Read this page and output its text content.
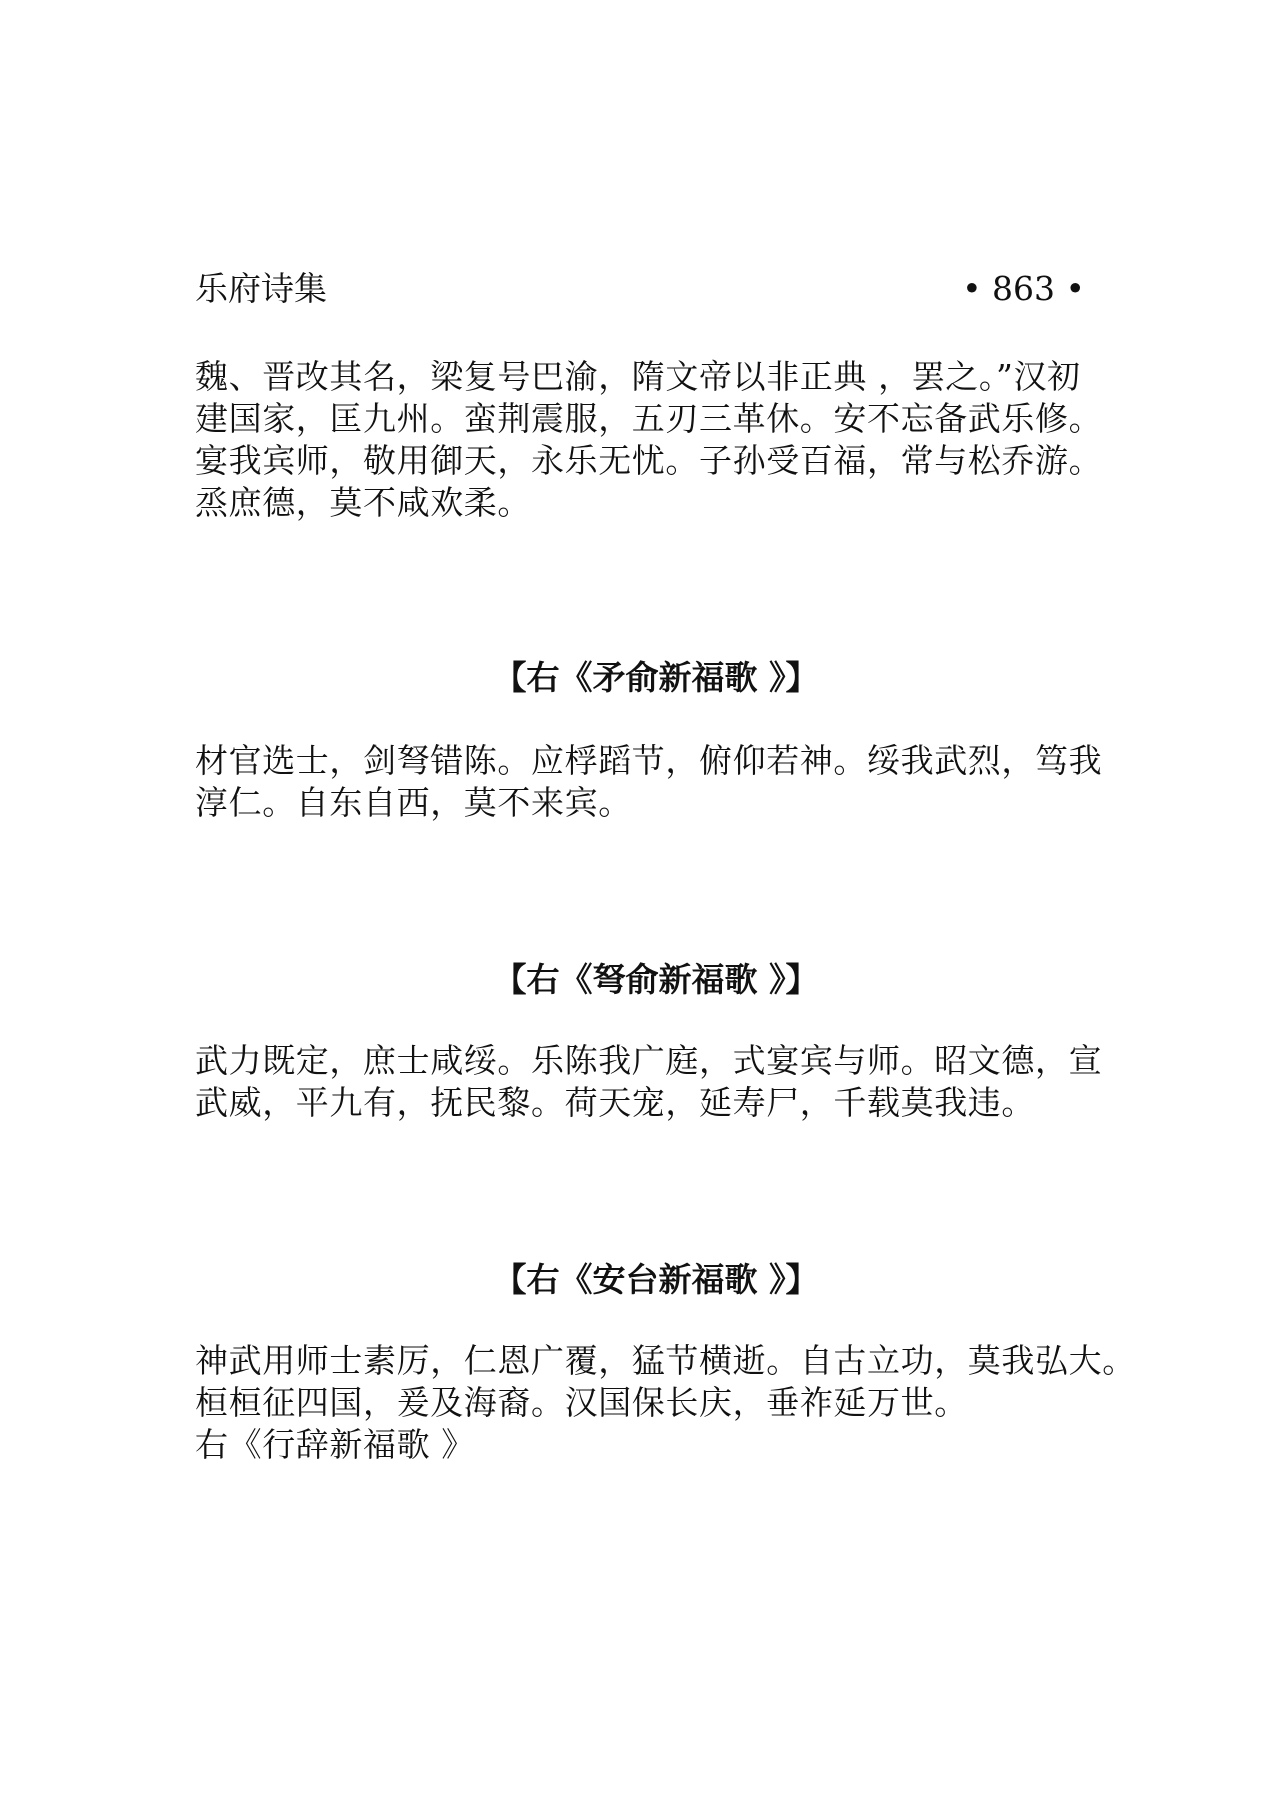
乐府诗集	• 863 •

魏、晋改其名，梁复号巴渝，隋文帝以非正典 ，罢之。”汉初
建国家，匡九州。蛮荆震服，五刃三革休。安不忘备武乐修。
宴我宾师，敬用御天，永乐无忧。子孙受百福，常与松乔游。
烝庶德，莫不咸欢柔。

【右《矛俞新福歌 》】

材官选士，剑弩错陈。应桴蹈节，俯仰若神。绥我武烈，笃我
淳仁。自东自西，莫不来宾。

【右《弩俞新福歌 》】

武力既定，庶士咸绥。乐陈我广庭，式宴宾与师。昭文德，宣
武威，平九有，抚民黎。荷天宠，延寿尸，千载莫我违。

【右《安台新福歌 》】

神武用师士素厉，仁恩广覆，猛节横逝。自古立功，莫我弘大。
桓桓征四国，爰及海裔。汉国保长庆，垂祚延万世。
右《行辞新福歌 》
